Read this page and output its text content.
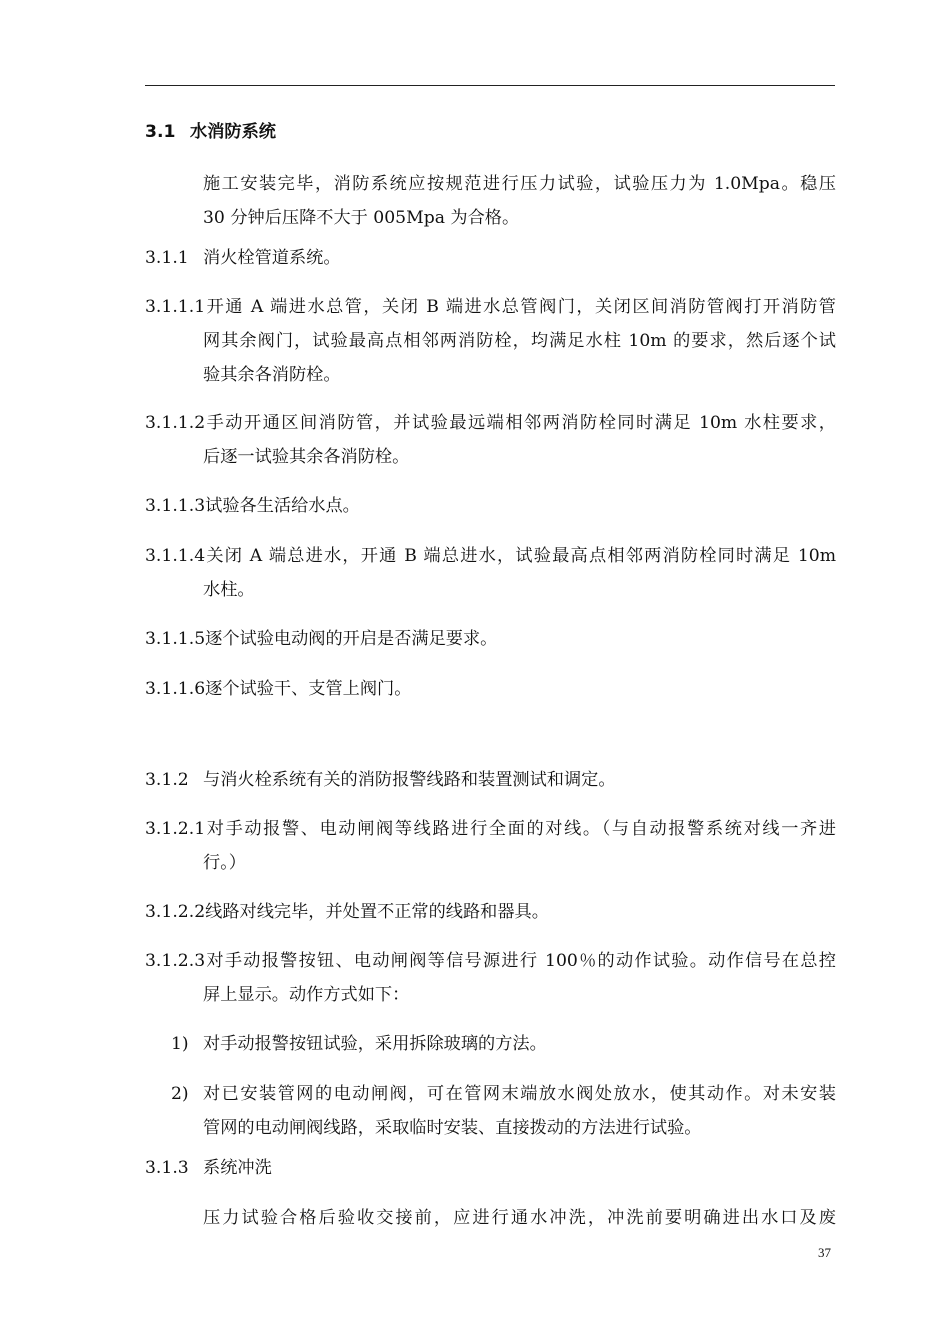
3.1 水消防系统
施工安装完毕，消防系统应按规范进行压力试验，试验压力为 1.0Mpa。稳压
30 分钟后压降不大于 005Mpa 为合格。
3.1.1 消火栓管道系统。
3.1.1.1开通 A 端进水总管，关闭 B 端进水总管阀门，关闭区间消防管阀打开消防管
网其余阀门，试验最高点相邻两消防栓，均满足水柱 10m 的要求，然后逐个试
验其余各消防栓。
3.1.1.2手动开通区间消防管，并试验最远端相邻两消防栓同时满足 10m 水柱要求，
后逐一试验其余各消防栓。
3.1.1.3试验各生活给水点。
3.1.1.4关闭 A 端总进水，开通 B 端总进水，试验最高点相邻两消防栓同时满足 10m
水柱。
3.1.1.5逐个试验电动阀的开启是否满足要求。
3.1.1.6逐个试验干、支管上阀门。
3.1.2 与消火栓系统有关的消防报警线路和装置测试和调定。
3.1.2.1对手动报警、电动闸阀等线路进行全面的对线。（与自动报警系统对线一齐进
行。）
3.1.2.2线路对线完毕，并处置不正常的线路和器具。
3.1.2.3对手动报警按钮、电动闸阀等信号源进行 100％的动作试验。动作信号在总控
屏上显示。动作方式如下：
1) 对手动报警按钮试验，采用拆除玻璃的方法。
2) 对已安装管网的电动闸阀，可在管网末端放水阀处放水，使其动作。对未安装
管网的电动闸阀线路，采取临时安装、直接拨动的方法进行试验。
3.1.3 系统冲洗
压力试验合格后验收交接前，应进行通水冲洗，冲洗前要明确进出水口及废
37
